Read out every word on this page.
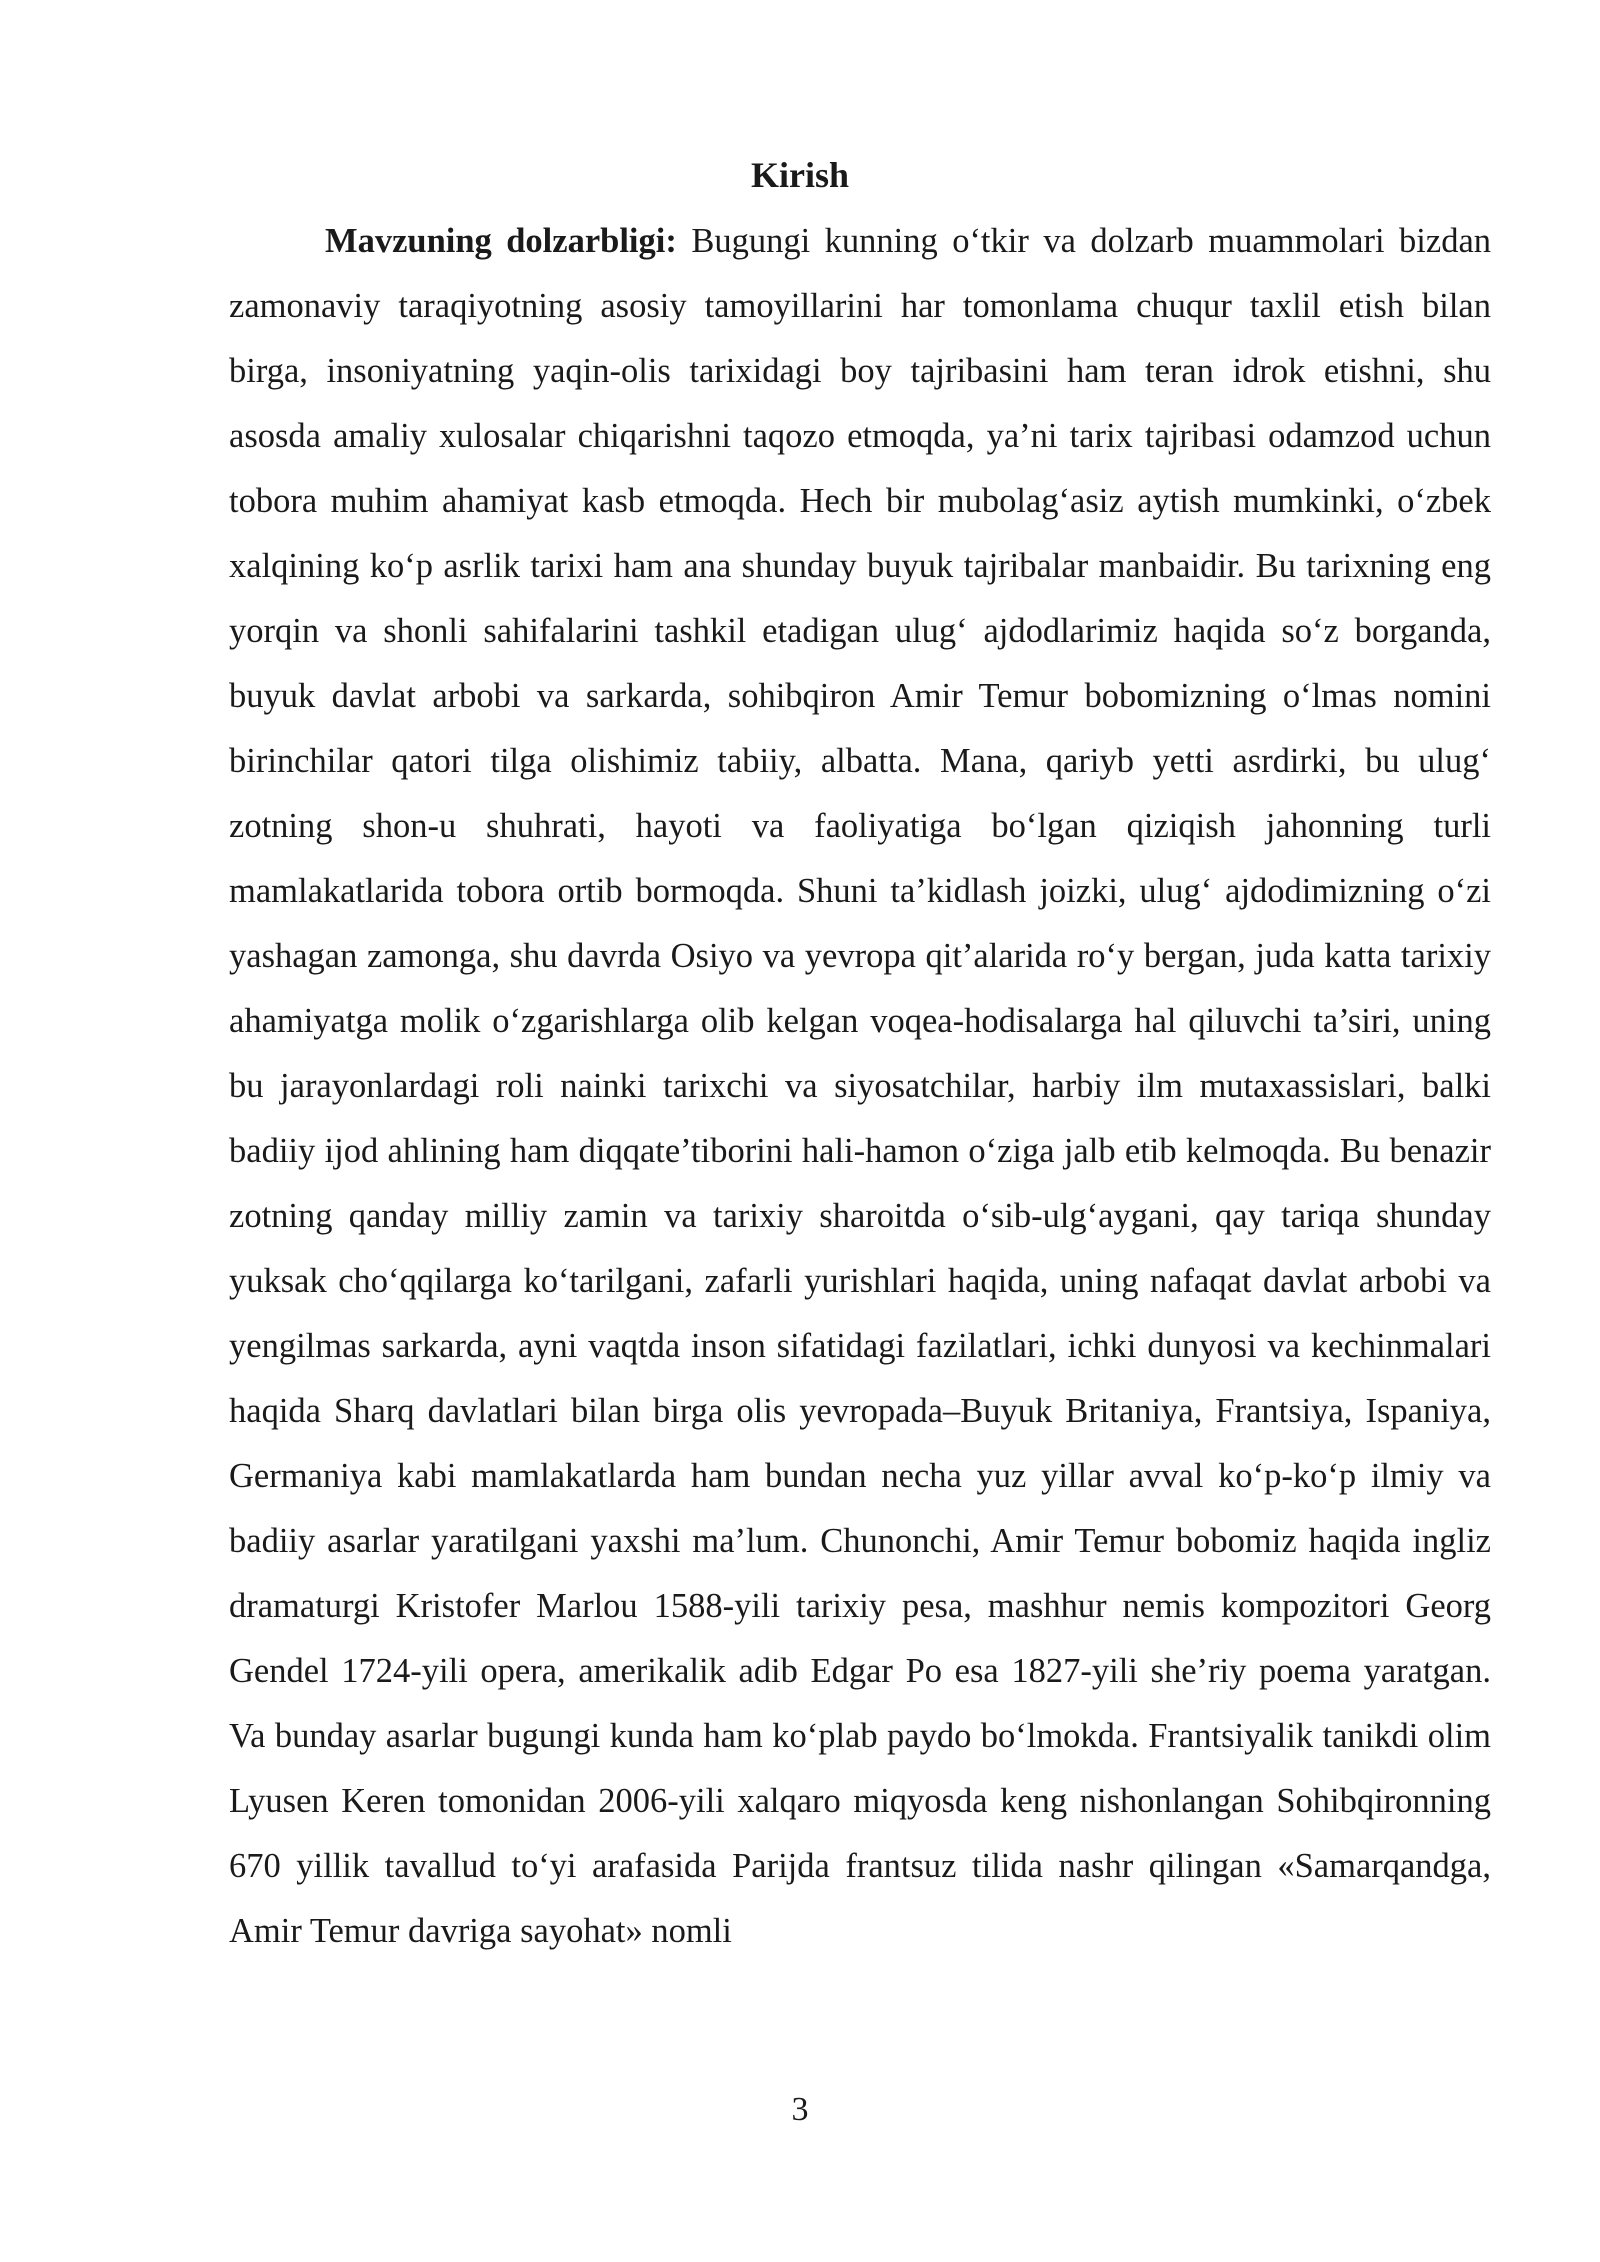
Kirish

Mavzuning dolzarbligi: Bugungi kunning o‘tkir va dolzarb muammolari bizdan zamonaviy taraqiyotning asosiy tamoyillarini har tomonlama chuqur taxlil etish bilan birga, insoniyatning yaqin-olis tarixidagi boy tajribasini ham teran idrok etishni, shu asosda amaliy xulosalar chiqarishni taqozo etmoqda, ya’ni tarix tajribasi odamzod uchun tobora muhim ahamiyat kasb etmoqda. Hech bir mubolag‘asiz aytish mumkinki, o‘zbek xalqining ko‘p asrlik tarixi ham ana shunday buyuk tajribalar manbaidir. Bu tarixning eng yorqin va shonli sahifalarini tashkil etadigan ulug‘ ajdodlarimiz haqida so‘z borganda, buyuk davlat arbobi va sarkarda, sohibqiron Amir Temur bobomizning o‘lmas nomini birinchilar qatori tilga olishimiz tabiiy, albatta. Mana, qariyb yetti asrdirki, bu ulug‘ zotning shon-u shuhrati, hayoti va faoliyatiga bo‘lgan qiziqish jahonning turli mamlakatlarida tobora ortib bormoqda. Shuni ta’kidlash joizki, ulug‘ ajdodimizning o‘zi yashagan zamonga, shu davrda Osiyo va yevropa qit’alarida ro‘y bergan, juda katta tarixiy ahamiyatga molik o‘zgarishlarga olib kelgan voqea-hodisalarga hal qiluvchi ta’siri, uning bu jarayonlardagi roli nainki tarixchi va siyosatchilar, harbiy ilm mutaxassislari, balki badiiy ijod ahlining ham diqqate’tiborini hali-hamon o‘ziga jalb etib kelmoqda. Bu benazir zotning qanday milliy zamin va tarixiy sharoitda o‘sib-ulg‘aygani, qay tariqa shunday yuksak cho‘qqilarga ko‘tarilgani, zafarli yurishlari haqida, uning nafaqat davlat arbobi va yengilmas sarkarda, ayni vaqtda inson sifatidagi fazilatlari, ichki dunyosi va kechinmalari haqida Sharq davlatlari bilan birga olis yevropada–Buyuk Britaniya, Frantsiya, Ispaniya, Germaniya kabi mamlakatlarda ham bundan necha yuz yillar avval ko‘p-ko‘p ilmiy va badiiy asarlar yaratilgani yaxshi ma’lum. Chunonchi, Amir Temur bobomiz haqida ingliz dramaturgi Kristofer Marlou 1588-yili tarixiy pesa, mashhur nemis kompozitori Georg Gendel 1724-yili opera, amerikalik adib Edgar Po esa 1827-yili she’riy poema yaratgan. Va bunday asarlar bugungi kunda ham ko‘plab paydo bo‘lmokda. Frantsiyalik tanikdi olim Lyusen Keren tomonidan 2006-yili xalqaro miqyosda keng nishonlangan Sohibqironning 670 yillik tavallud to‘yi arafasida Parijda frantsuz tilida nashr qilingan «Samarqandga, Amir Temur davriga sayohat» nomli

3
